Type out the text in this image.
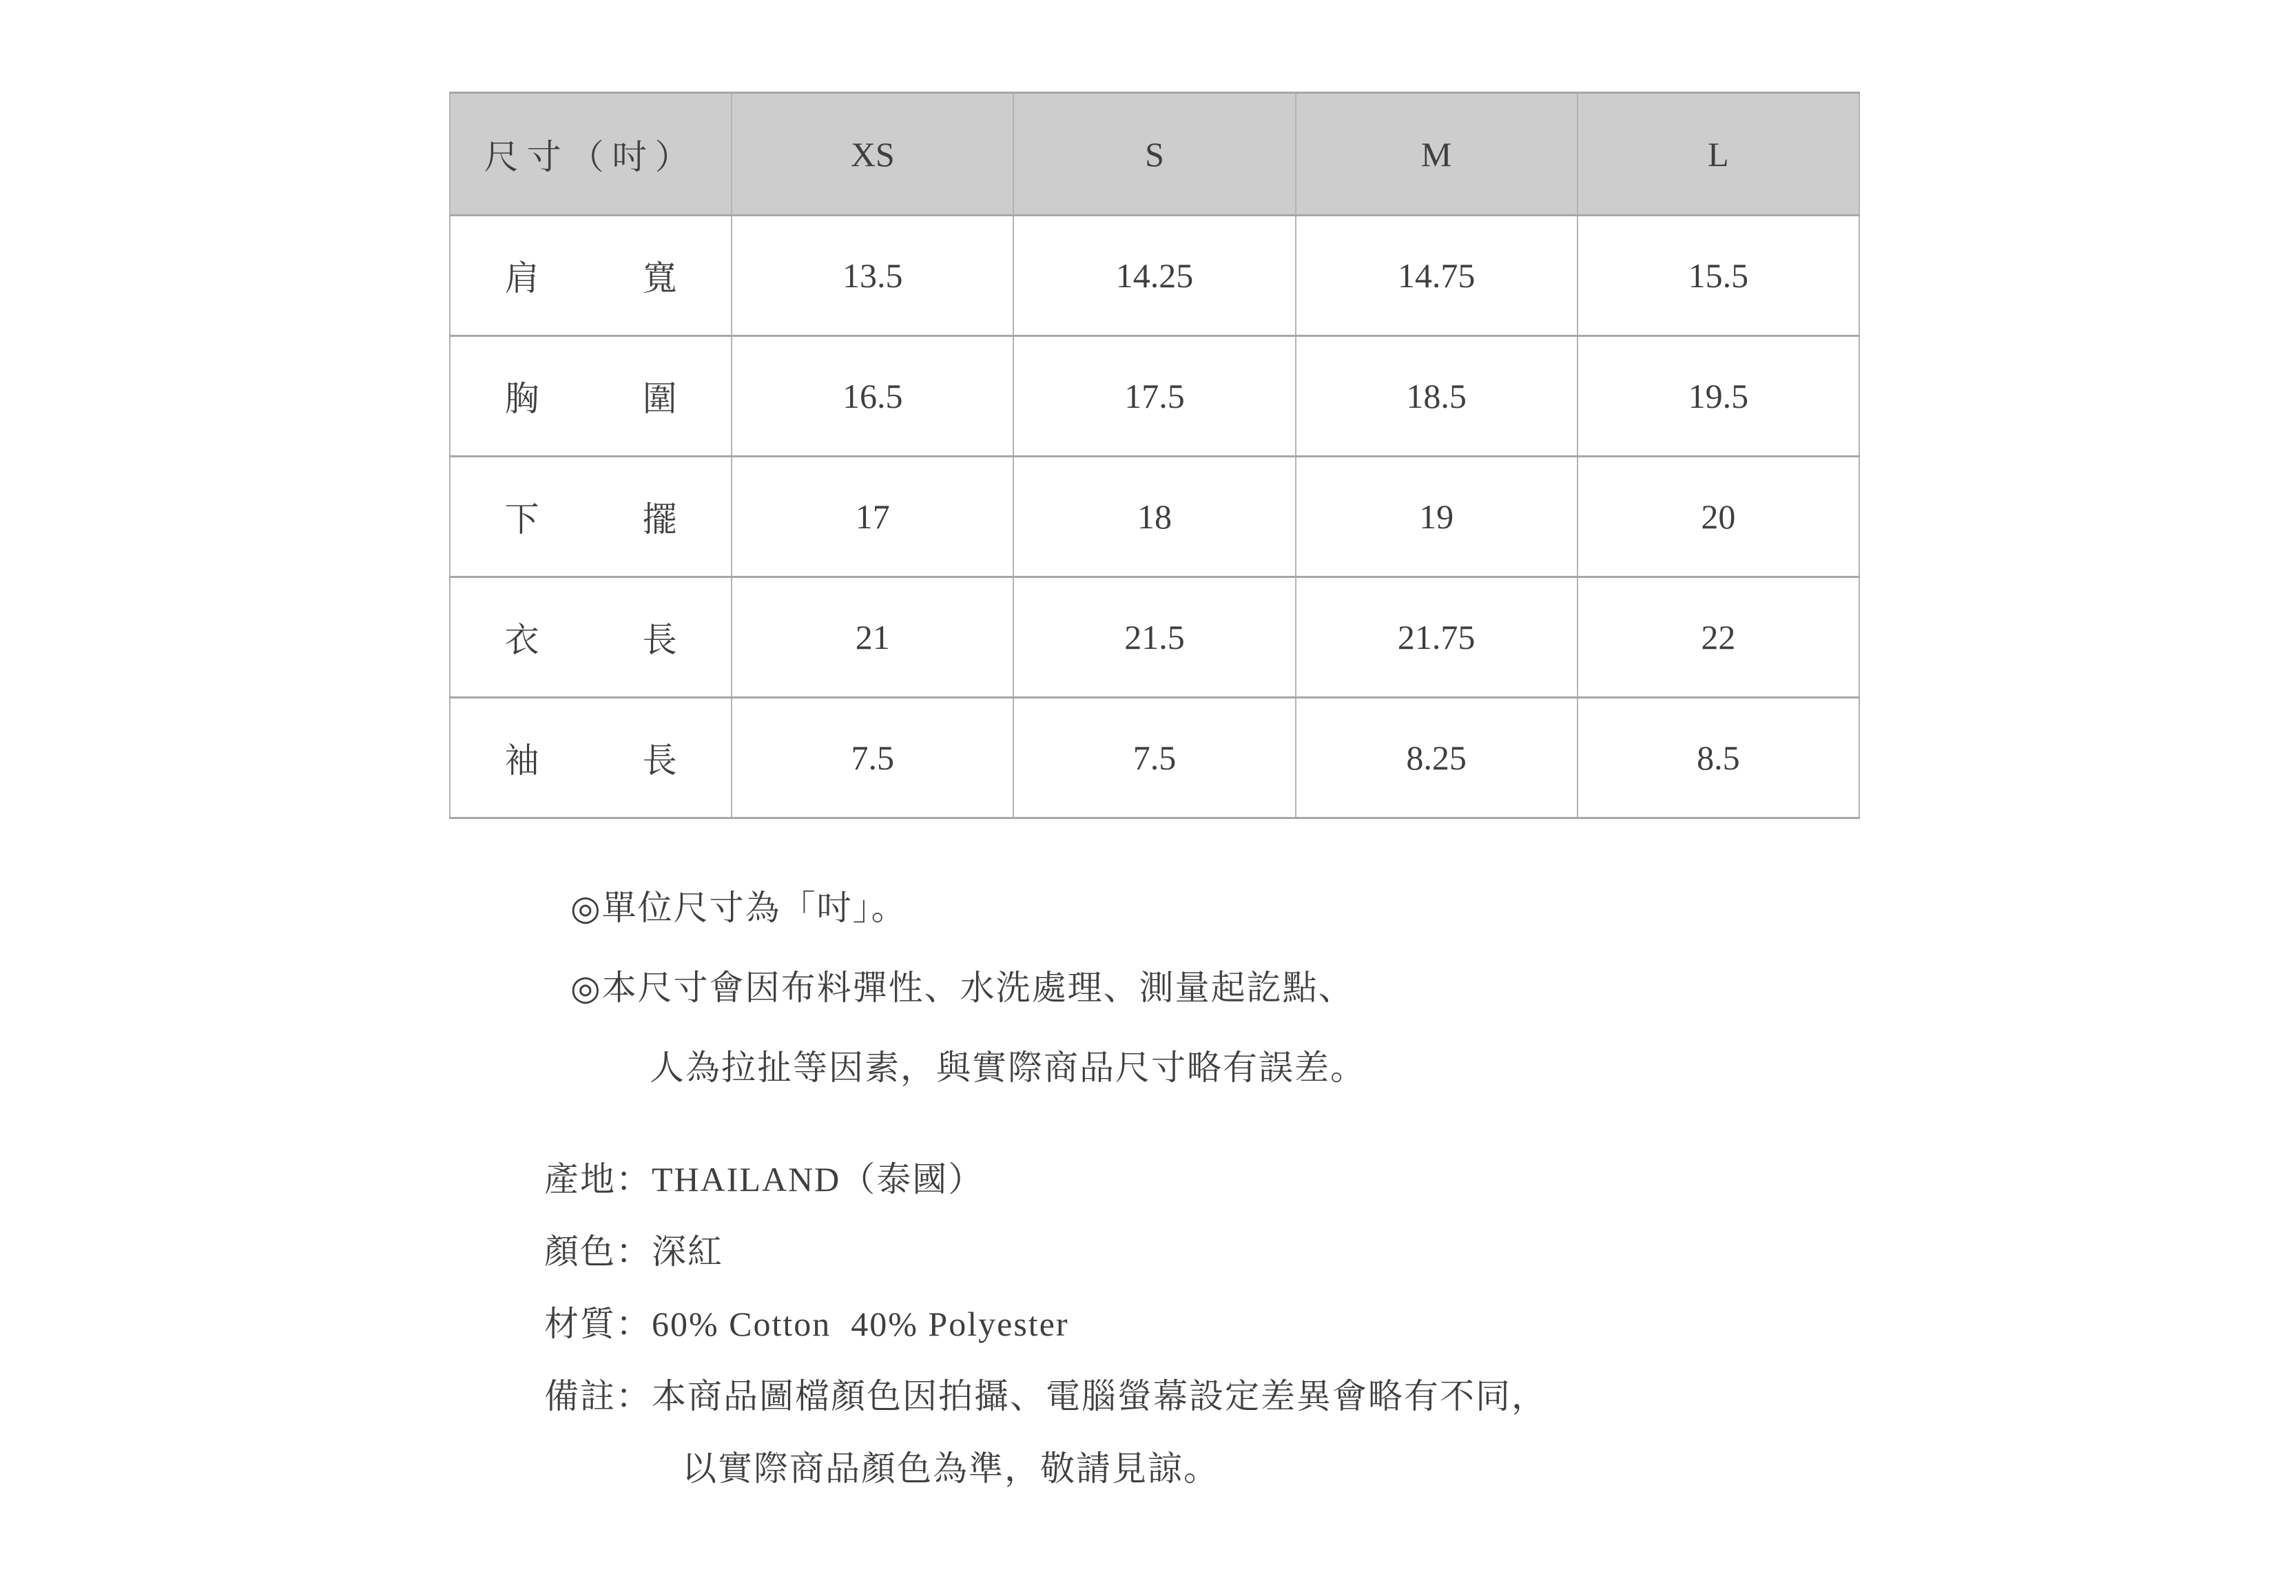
尺寸（吋）	XS	S	M	L

肩 寬	13.5	14.25	14.75	15.5

胸 圍	16.5	17.5	18.5	19.5

下 擺	17	18	19	20

衣 長	21	21.5	21.75	22

袖 長	7.5	7.5	8.25	8.5
◎單位尺寸為「吋」。
◎本尺寸會因布料彈性、水洗處理、測量起訖點、
人為拉扯等因素，與實際商品尺寸略有誤差。
產地：THAILAND（泰國）
顏色：深紅
材質：60% Cotton  40% Polyester
備註：本商品圖檔顏色因拍攝、電腦螢幕設定差異會略有不同，
以實際商品顏色為準，敬請見諒。
